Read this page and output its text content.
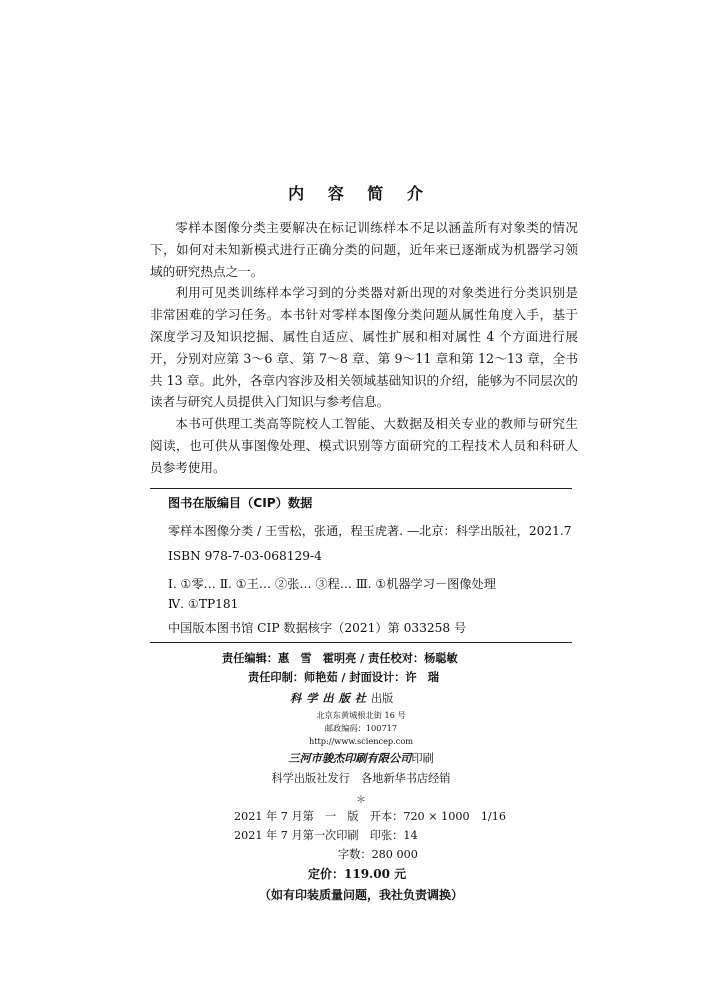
内 容 简 介

零样本图像分类主要解决在标记训练样本不足以涵盖所有对象类的情况下，如何对未知新模式进行正确分类的问题，近年来已逐渐成为机器学习领域的研究热点之一。

利用可见类训练样本学习到的分类器对新出现的对象类进行分类识别是非常困难的学习任务。本书针对零样本图像分类问题从属性角度入手，基于深度学习及知识挖掘、属性自适应、属性扩展和相对属性 4 个方面进行展开，分别对应第 3～6 章、第 7～8 章、第 9～11 章和第 12～13 章，全书共 13 章。此外，各章内容涉及相关领域基础知识的介绍，能够为不同层次的读者与研究人员提供入门知识与参考信息。

本书可供理工类高等院校人工智能、大数据及相关专业的教师与研究生阅读，也可供从事图像处理、模式识别等方面研究的工程技术人员和科研人员参考使用。

图书在版编目（CIP）数据
零样本图像分类 / 王雪松，张通，程玉虎著. —北京：科学出版社，2021.7
ISBN 978-7-03-068129-4
Ⅰ. ①零… Ⅱ. ①王… ②张… ③程… Ⅲ. ①机器学习－图像处理
Ⅳ. ①TP181
中国版本图书馆 CIP 数据核字（2021）第 033258 号
责任编辑：惠　雪　霍明亮 / 责任校对：杨聪敏
责任印制：师艳茹 / 封面设计：许　瑞
科学出版社出版
北京东黄城根北街 16 号
邮政编码：100717
http://www.sciencep.com
三河市骏杰印刷有限公司印刷
科学出版社发行　各地新华书店经销
＊
2021 年 7 月第　一　版　开本：720 × 1000　1/16
2021 年 7 月第一次印刷　印张：14
字数：280 000
定价：119.00 元
（如有印装质量问题，我社负责调换）
